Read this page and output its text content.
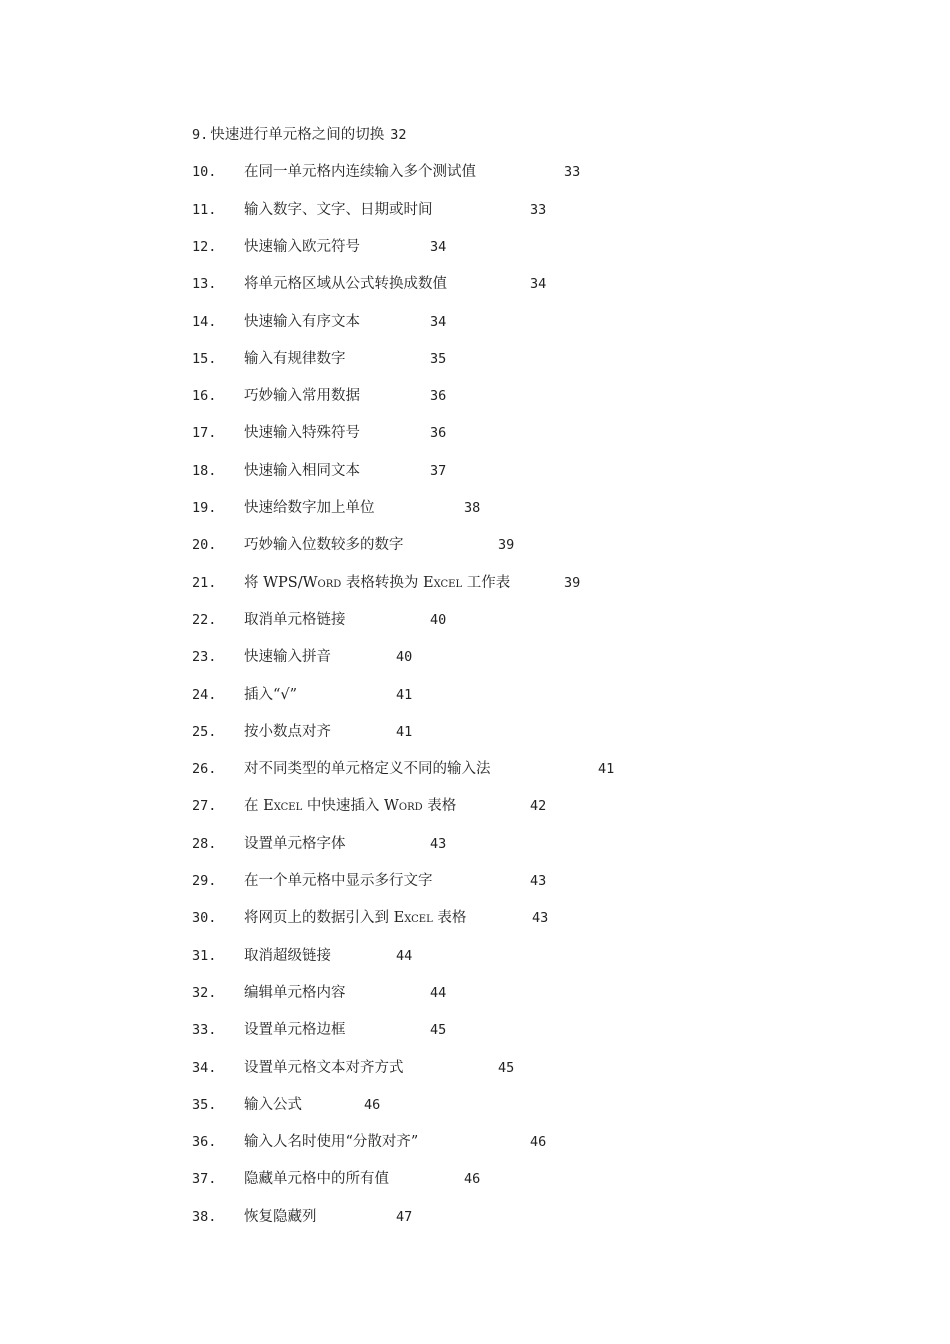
9. 快速进行单元格之间的切换 32
10. 在同一单元格内连续输入多个测试值	33
11. 输入数字、文字、日期或时间	33
12. 快速输入欧元符号	34
13. 将单元格区域从公式转换成数值	34
14. 快速输入有序文本	34
15. 输入有规律数字	35
16. 巧妙输入常用数据	36
17. 快速输入特殊符号	36
18. 快速输入相同文本	37
19. 快速给数字加上单位	38
20. 巧妙输入位数较多的数字	39
21. 将 WPS/WORD 表格转换为 EXCEL 工作表	39
22. 取消单元格链接	40
23. 快速输入拼音	40
24. 插入“√”	41
25. 按小数点对齐	41
26. 对不同类型的单元格定义不同的输入法	41
27. 在 EXCEL 中快速插入 WORD 表格	42
28. 设置单元格字体	43
29. 在一个单元格中显示多行文字	43
30. 将网页上的数据引入到 EXCEL 表格	43
31. 取消超级链接	44
32. 编辑单元格内容	44
33. 设置单元格边框	45
34. 设置单元格文本对齐方式	45
35. 输入公式	46
36. 输入人名时使用“分散对齐”	46
37. 隐藏单元格中的所有值	46
38. 恢复隐藏列	47
